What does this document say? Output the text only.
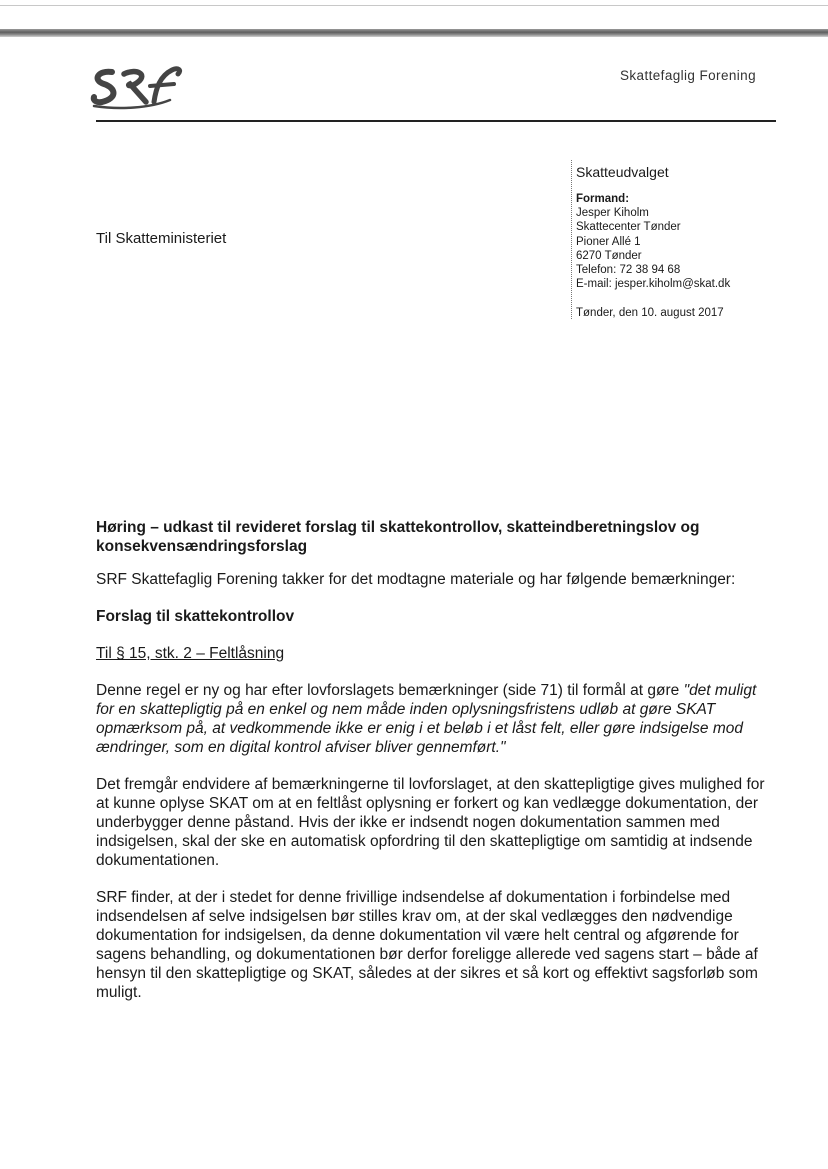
Skattefaglig Forening
Til Skatteministeriet
Skatteudvalget
Formand:
Jesper Kiholm
Skattecenter Tønder
Pioner Allé 1
6270 Tønder
Telefon: 72 38 94 68
E-mail: jesper.kiholm@skat.dk
Tønder, den 10. august 2017

Høring – udkast til revideret forslag til skattekontrollov, skatteindberetningslov og konsekvensændringsforslag

SRF Skattefaglig Forening takker for det modtagne materiale og har følgende bemærkninger:

Forslag til skattekontrollov

Til § 15, stk. 2 – Feltlåsning

Denne regel er ny og har efter lovforslagets bemærkninger (side 71) til formål at gøre "det muligt for en skattepligtig på en enkel og nem måde inden oplysningsfristens udløb at gøre SKAT opmærksom på, at vedkommende ikke er enig i et beløb i et låst felt, eller gøre indsigelse mod ændringer, som en digital kontrol afviser bliver gennemført."

Det fremgår endvidere af bemærkningerne til lovforslaget, at den skattepligtige gives mulighed for at kunne oplyse SKAT om at en feltlåst oplysning er forkert og kan vedlægge dokumentation, der underbygger denne påstand. Hvis der ikke er indsendt nogen dokumentation sammen med indsigelsen, skal der ske en automatisk opfordring til den skattepligtige om samtidig at indsende dokumentationen.

SRF finder, at der i stedet for denne frivillige indsendelse af dokumentation i forbindelse med indsendelsen af selve indsigelsen bør stilles krav om, at der skal vedlægges den nødvendige dokumentation for indsigelsen, da denne dokumentation vil være helt central og afgørende for sagens behandling, og dokumentationen bør derfor foreligge allerede ved sagens start – både af hensyn til den skattepligtige og SKAT, således at der sikres et så kort og effektivt sagsforløb som muligt.
